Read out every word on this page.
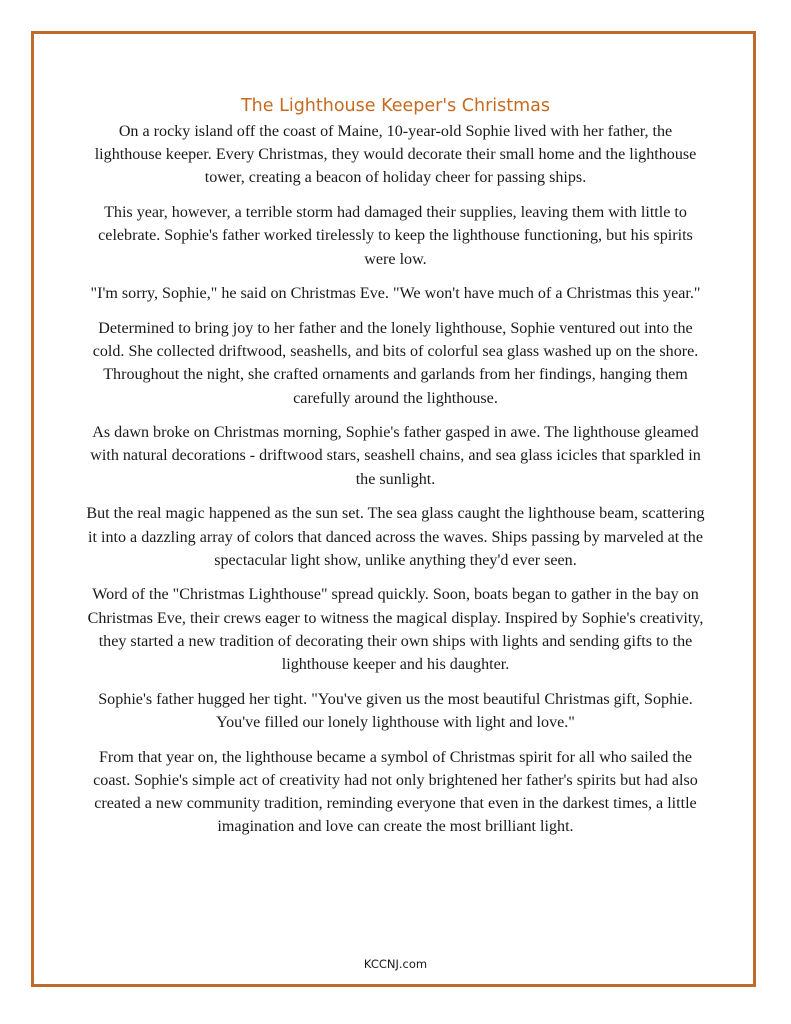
The Lighthouse Keeper's Christmas

On a rocky island off the coast of Maine, 10-year-old Sophie lived with her father, the lighthouse keeper. Every Christmas, they would decorate their small home and the lighthouse tower, creating a beacon of holiday cheer for passing ships.

This year, however, a terrible storm had damaged their supplies, leaving them with little to celebrate. Sophie's father worked tirelessly to keep the lighthouse functioning, but his spirits were low.

"I'm sorry, Sophie," he said on Christmas Eve. "We won't have much of a Christmas this year."

Determined to bring joy to her father and the lonely lighthouse, Sophie ventured out into the cold. She collected driftwood, seashells, and bits of colorful sea glass washed up on the shore. Throughout the night, she crafted ornaments and garlands from her findings, hanging them carefully around the lighthouse.

As dawn broke on Christmas morning, Sophie's father gasped in awe. The lighthouse gleamed with natural decorations - driftwood stars, seashell chains, and sea glass icicles that sparkled in the sunlight.

But the real magic happened as the sun set. The sea glass caught the lighthouse beam, scattering it into a dazzling array of colors that danced across the waves. Ships passing by marveled at the spectacular light show, unlike anything they'd ever seen.

Word of the "Christmas Lighthouse" spread quickly. Soon, boats began to gather in the bay on Christmas Eve, their crews eager to witness the magical display. Inspired by Sophie's creativity, they started a new tradition of decorating their own ships with lights and sending gifts to the lighthouse keeper and his daughter.

Sophie's father hugged her tight. "You've given us the most beautiful Christmas gift, Sophie. You've filled our lonely lighthouse with light and love."

From that year on, the lighthouse became a symbol of Christmas spirit for all who sailed the coast. Sophie's simple act of creativity had not only brightened her father's spirits but had also created a new community tradition, reminding everyone that even in the darkest times, a little imagination and love can create the most brilliant light.

KCCNJ.com
